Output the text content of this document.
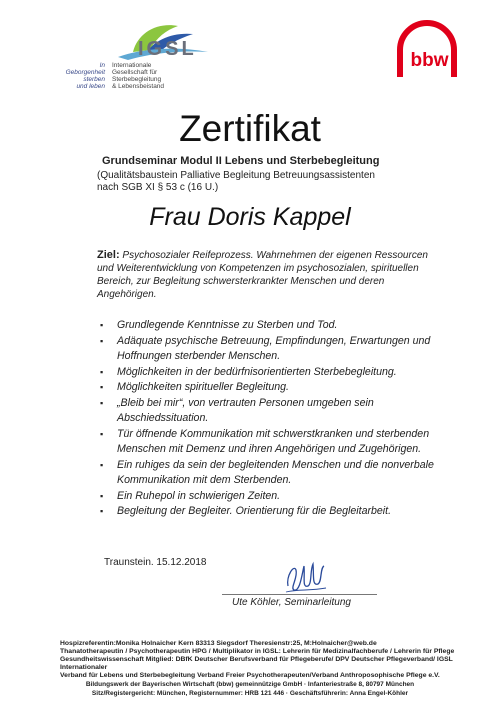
IGSL
In
Geborgenheit
sterben
und leben
Internationale
Gesellschaft für
Sterbebegleitung
& Lebensbeistand
bbw
Zertifikat
Grundseminar Modul II Lebens und Sterbebegleitung
(Qualitätsbaustein Palliative Begleitung Betreuungsassistenten
nach SGB XI § 53 c (16 U.)
Frau Doris Kappel
Ziel: Psychosozialer Reifeprozess. Wahrnehmen der eigenen Ressourcen und Weiterentwicklung von Kompetenzen im psychosozialen, spirituellen Bereich, zur Begleitung schwersterkrankter Menschen und deren Angehörigen.
▪ Grundlegende Kenntnisse zu Sterben und Tod.
▪ Adäquate psychische Betreuung, Empfindungen, Erwartungen und Hoffnungen sterbender Menschen.
▪ Möglichkeiten in der bedürfnisorientierten Sterbebegleitung.
▪ Möglichkeiten spiritueller Begleitung.
▪ „Bleib bei mir“, von vertrauten Personen umgeben sein Abschiedssituation.
▪ Tür öffnende Kommunikation mit schwerstkranken und sterbenden Menschen mit Demenz und ihren Angehörigen und Zugehörigen.
▪ Ein ruhiges da sein der begleitenden Menschen und die nonverbale Kommunikation mit dem Sterbenden.
▪ Ein Ruhepol in schwierigen Zeiten.
▪ Begleitung der Begleiter. Orientierung für die Begleitarbeit.
Traunstein. 15.12.2018
Ute Köhler, Seminarleitung
Hospizreferentin:Monika Holnaicher Kern 83313 Siegsdorf Theresienstr:25, M:Holnaicher@web.de
Thanatotherapeutin / Psychotherapeutin HPG / Multiplikator in IGSL: Lehrerin für Medizinalfachberufe / Lehrerin für Pflege
Gesundheitswissenschaft Mitglied: DBfK Deutscher Berufsverband für Pflegeberufe/ DPV Deutscher Pflegeverband/ IGSL Internationaler
Verband für Lebens und Sterbebegleitung Verband Freier Psychotherapeuten/Verband Anthroposophische Pflege e.V.
Bildungswerk der Bayerischen Wirtschaft (bbw) gemeinnützige GmbH · Infanteriestraße 8, 80797 München
Sitz/Registergericht: München, Registernummer: HRB 121 446 · Geschäftsführerin: Anna Engel-Köhler
